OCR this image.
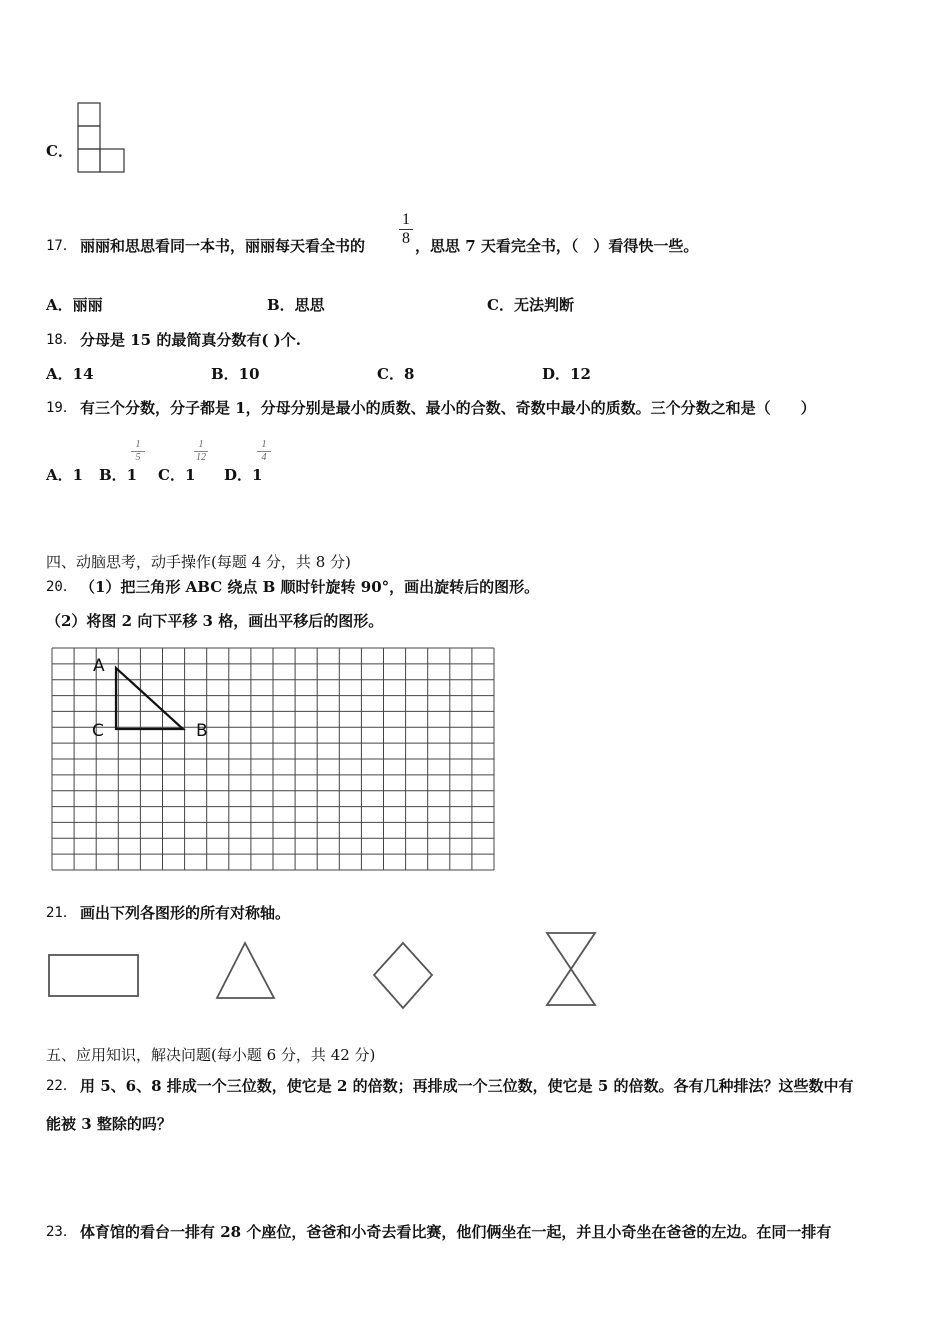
C．
17． 丽丽和思思看同一本书，丽丽每天看全书的
1
8 ，思思 7 天看完全书，（　）看得快一些。
A．丽丽	B．思思	C．无法判断
18． 分母是 15 的最简真分数有( )个.
A．14	B．10	C．8	D．12
19． 有三个分数，分子都是 1，分母分别是最小的质数、最小的合数、奇数中最小的质数。三个分数之和是（　　）
A．1 B．1
1
5
C．1
1
12
D．1
1
4
四、动脑思考，动手操作(每题 4 分，共 8 分)
20． （1）把三角形 ABC 绕点 B 顺时针旋转 90°，画出旋转后的图形。
（2）将图 2 向下平移 3 格，画出平移后的图形。
A
C	B
21． 画出下列各图形的所有对称轴。
五、应用知识，解决问题(每小题 6 分，共 42 分)
22． 用 5、6、8 排成一个三位数，使它是 2 的倍数；再排成一个三位数，使它是 5 的倍数。各有几种排法？这些数中有
能被 3 整除的吗？
23． 体育馆的看台一排有 28 个座位，爸爸和小奇去看比赛，他们俩坐在一起，并且小奇坐在爸爸的左边。在同一排有
